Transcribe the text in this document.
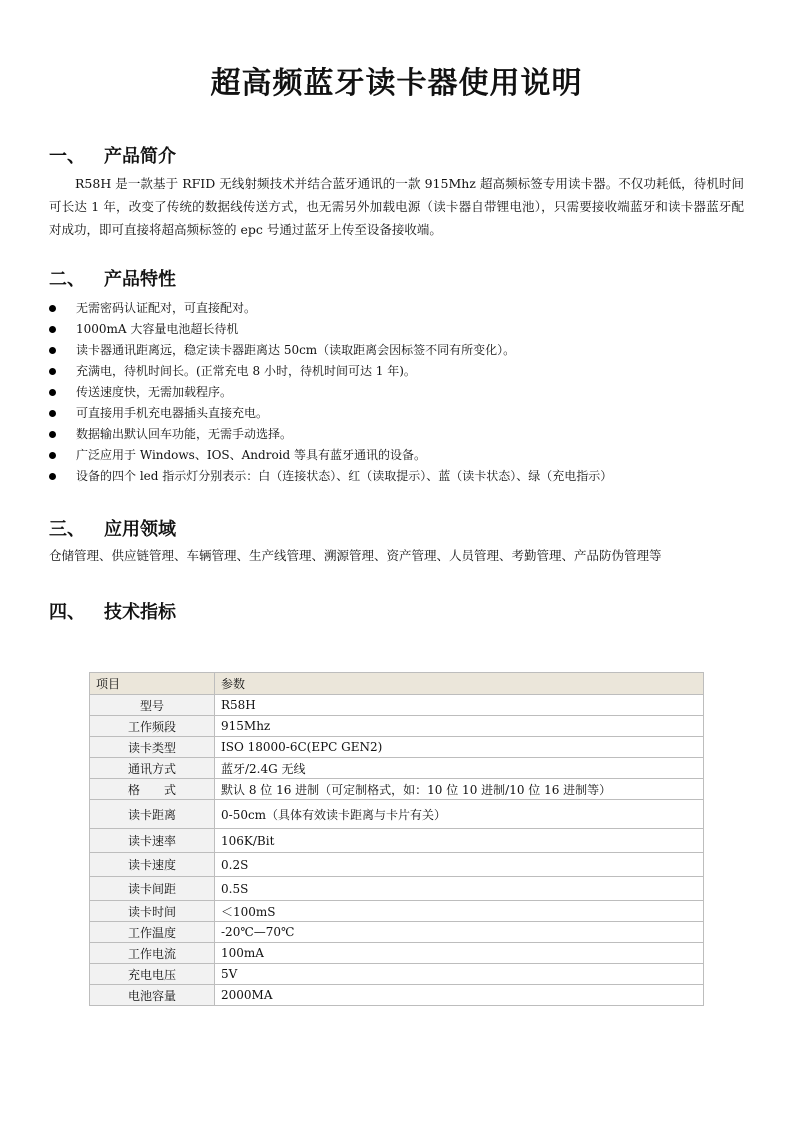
超高频蓝牙读卡器使用说明
一、 产品简介
R58H 是一款基于 RFID 无线射频技术并结合蓝牙通讯的一款 915Mhz 超高频标签专用读卡器。不仅功耗低，待机时间可长达 1 年，改变了传统的数据线传送方式，也无需另外加载电源（读卡器自带锂电池），只需要接收端蓝牙和读卡器蓝牙配对成功，即可直接将超高频标签的 epc 号通过蓝牙上传至设备接收端。
二、 产品特性
无需密码认证配对，可直接配对。
1000mA 大容量电池超长待机
读卡器通讯距离远，稳定读卡器距离达 50cm（读取距离会因标签不同有所变化）。
充满电，待机时间长。(正常充电 8 小时，待机时间可达 1 年)。
传送速度快，无需加载程序。
可直接用手机充电器插头直接充电。
数据输出默认回车功能，无需手动选择。
广泛应用于 Windows、IOS、Android 等具有蓝牙通讯的设备。
设备的四个 led 指示灯分别表示：白（连接状态）、红（读取提示）、蓝（读卡状态）、绿（充电指示）
三、 应用领域
仓储管理、供应链管理、车辆管理、生产线管理、溯源管理、资产管理、人员管理、考勤管理、产品防伪管理等
四、 技术指标
项目	参数
型号	R58H
工作频段	915Mhz
读卡类型	ISO 18000-6C(EPC GEN2)
通讯方式	蓝牙/2.4G 无线
格　　式	默认 8 位 16 进制（可定制格式，如：10 位 10 进制/10 位 16 进制等）
读卡距离	0-50cm（具体有效读卡距离与卡片有关）
读卡速率	106K/Bit
读卡速度	0.2S
读卡间距	0.5S
读卡时间	＜100mS
工作温度	-20℃—70℃
工作电流	100mA
充电电压	5V
电池容量	2000MA
